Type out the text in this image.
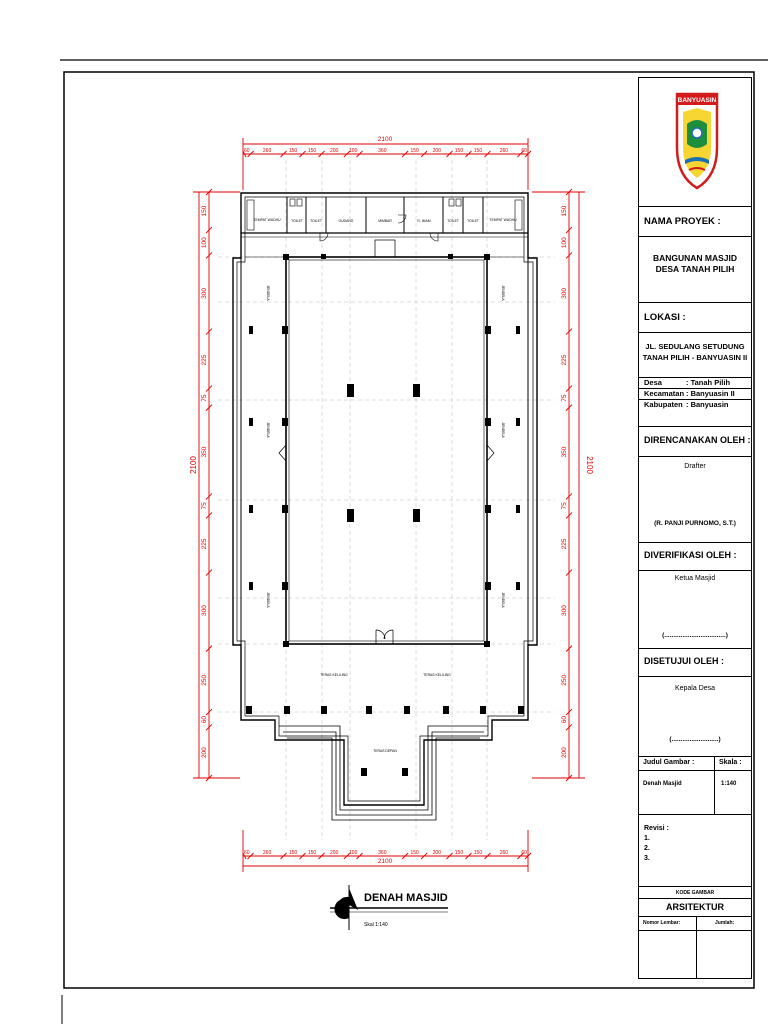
2100
2100
2100	2100
60	260	150 150	200 100	360	150	200	150 150	260	60
60	260	150 150	200 100	360	150	200	150 150	260	60
150
100
300
225
75
350
75
225
300
250
60
200
150
100
300
225
75
350
75
225
300
250
60
200
TEMPAT WUDHU	TOILET TOILET	GUDANG	MIMBAR	R. IMAM	TOILET TOILET	TEMPAT WUDHU
TERAS KELILING	TERAS KELILING
TERAS DEPAN
JENDELA
JENDELA
JENDELA
JENDELA
JENDELA
JENDELA
DENAH MASJID
Skal 1:140
BANYUASIN
NAMA PROYEK :
BANGUNAN MASJID
DESA TANAH PILIH
LOKASI :
JL. SEDULANG SETUDUNG
TANAH PILIH - BANYUASIN II
Desa	: Tanah Pilih
Kecamatan : Banyuasin II
Kabupaten : Banyuasin
DIRENCANAKAN OLEH :
Drafter
(R. PANJI PURNOMO, S.T.)
DIVERIFIKASI OLEH :
Ketua Masjid
(..................................)
DISETUJUI OLEH :
Kepala Desa
(..........................)
Judul Gambar :	Skala :
Denah Masjid	1:140
Revisi :
1.
2.
3.
KODE GAMBAR
ARSITEKTUR
Nomor Lembar:	Jumlah:
